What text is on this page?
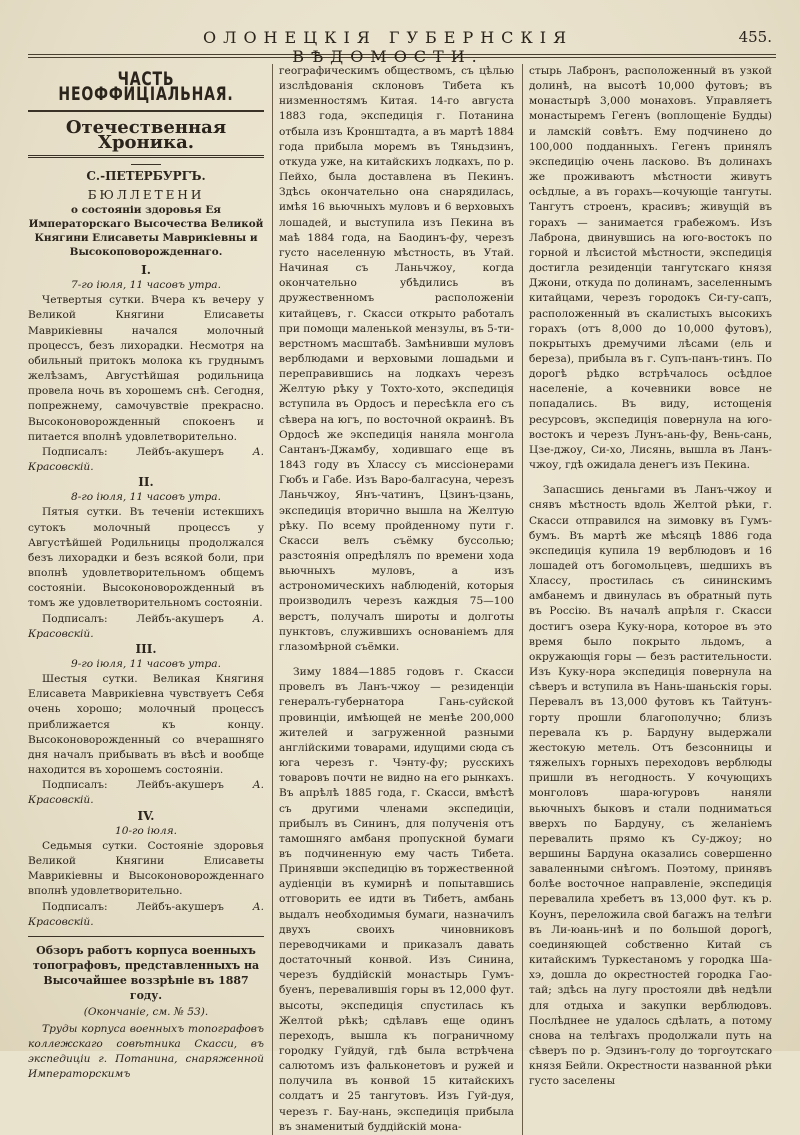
ОЛОНЕЦКІЯ ГУБЕРНСКІЯ ВѢДОМОСТИ.
455.
ЧАСТЬ НЕОФФИЦІАЛЬНАЯ.
Отечественная Хроника.
С.-ПЕТЕРБУРГЪ.
БЮЛЛЕТЕНИ
о состояніи здоровья Ея Императорскаго Высочества Великой Княгини Елисаветы Маврикіевны и Высокоповорожденнаго.
I.
7-го іюля, 11 часовъ утра.

Четвертыя сутки. Вчера къ вечеру у Великой Княгини Елисаветы Маврикіевны начался молочный процессъ, безъ лихорадки. Несмотря на обильный притокъ молока къ груднымъ желѣзамъ, Августѣйшая родильница провела ночь въ хорошемъ снѣ. Сегодня, попрежнему, самочувствіе прекрасно. Высоконоворожденный спокоенъ и питается вполнѣ удовлетворительно.

Подписалъ: Лейбъ-акушеръ	А. Красовскій.

II.
8-го іюля, 11 часовъ утра.

Пятыя сутки. Въ теченіи истекшихъ сутокъ молочный процессъ у Августѣйшей Родильницы продолжался безъ лихорадки и безъ всякой боли, при вполнѣ удовлетворительномъ общемъ состояніи. Высоконоворожденный въ томъ же удовлетворительномъ состояніи.

Подписалъ: Лейбъ-акушеръ	А. Красовскій.

III.
9-го іюля, 11 часовъ утра.

Шестыя сутки. Великая Княгиня Елисавета Маврикіевна чувствуетъ Себя очень хорошо; молочный процессъ приближается къ концу. Высоконоворожденный со вчерашняго дня началъ прибывать въ вѣсѣ и вообще находится въ хорошемъ состояніи.

Подписалъ: Лейбъ-акушеръ	А. Красовскій.

IV.
10-го іюля.

Седьмыя сутки. Состояніе здоровья Великой Княгини Елисаветы Маврикіевны и Высоконоворожденнаго вполнѣ удовлетворительно.

Подписалъ: Лейбъ-акушеръ	А. Красовскій.

Обзоръ работъ корпуса военныхъ топографовъ, представленныхъ на Высочайшее воззрѣніе въ 1887 году.
(Окончаніе, см. № 53).

Труды корпуса военныхъ топографовъ коллежскаго совѣтника Скасси, въ экспедиціи г. Потанина, снаряженной Императорскимъ

географическимъ обществомъ, съ цѣлью изслѣдованія склоновъ Тибета къ низменностямъ Китая. 14-го августа 1883 года, экспедиція г. Потанина отбыла изъ Кронштадта, а въ мартѣ 1884 года прибыла моремъ въ Тяньдзинъ, откуда уже, на китайскихъ лодкахъ, по р. Пейхо, была доставлена въ Пекинъ. Здѣсь окончательно она снарядилась, имѣя 16 вьючныхъ муловъ и 6 верховыхъ лошадей, и выступила изъ Пекина въ маѣ 1884 года, на Баодинъ-фу, черезъ густо населенную мѣстность, въ Утай. Начиная съ Ланьчжоу, когда окончательно убѣдились въ дружественномъ расположеніи китайцевъ, г. Скасси открыто работалъ при помощи маленькой мензулы, въ 5-ти-верстномъ масштабѣ. Замѣнивши муловъ верблюдами и верховыми лошадьми и переправившись на лодкахъ черезъ Желтую рѣку у Тохто-хото, экспедиція вступила въ Ордосъ и пересѣкла его съ сѣвера на югъ, по восточной окраинѣ. Въ Ордосѣ же экспедиція наняла монгола Сантанъ-Джамбу, ходившаго еще въ 1843 году въ Хлассу съ миссіонерами Гюбъ и Габе. Изъ Варо-балгасуна, черезъ Ланьчжоу, Янъ-чатинъ, Цзинъ-цзань, экспедиція вторично вышла на Желтую рѣку. По всему пройденному пути г. Скасси велъ съёмку буссолью; разстоянія опредѣлялъ по времени хода вьючныхъ муловъ, а изъ астрономическихъ наблюденій, которыя производилъ черезъ каждыя 75—100 верстъ, получалъ широты и долготы пунктовъ, служившихъ основаніемъ для глазомѣрной съёмки.

Зиму 1884—1885 годовъ г. Скасси провелъ въ Ланъ-чжоу — резиденціи генералъ-губернатора Гань-суйской провинціи, имѣющей не менѣе 200,000 жителей и загруженной разными англійскими товарами, идущими сюда съ юга черезъ г. Чэнту-фу; русскихъ товаровъ почти не видно на его рынкахъ. Въ апрѣлѣ 1885 года, г. Скасси, вмѣстѣ съ другими членами экспедиціи, прибылъ въ Сининъ, для полученія отъ тамошняго амбаня пропускной бумаги въ подчиненную ему часть Тибета. Принявши экспедицію въ торжественной аудіенціи въ кумирнѣ и попытавшись отговорить ее идти въ Тибетъ, амбань выдалъ необходимыя бумаги, назначилъ двухъ своихъ чиновниковъ переводчиками и приказалъ давать достаточный конвой. Изъ Синина, черезъ буддійскій монастырь Гумъ-буенъ, перевалившія горы въ 12,000 фут. высоты, экспедиція спустилась къ Желтой рѣкѣ; сдѣлавъ еще одинъ переходъ, вышла къ пограничному городку Гуйдуй, гдѣ была встрѣчена салютомъ изъ фальконетовъ и ружей и получила въ конвой 15 китайскихъ солдатъ и 25 тангутовъ. Изъ Гуй-дуя, черезъ г. Бау-нань, экспедиція прибыла въ знаменитый буддійскій мона-

стырь Лабронъ, расположенный въ узкой долинѣ, на высотѣ 10,000 футовъ; въ монастырѣ 3,000 монаховъ. Управляетъ монастыремъ Гегенъ (воплощеніе Будды) и ламскій совѣтъ. Ему подчинено до 100,000 подданныхъ. Гегенъ принялъ экспедицію очень ласково. Въ долинахъ же проживаютъ мѣстности живутъ осѣдлые, а въ горахъ—кочующіе тангуты. Тангутъ строенъ, красивъ; живущій въ горахъ — занимается грабежомъ. Изъ Лаброна, двинувшись на юго-востокъ по горной и лѣсистой мѣстности, экспедиція достигла резиденціи тангутскаго князя Джони, откуда по долинамъ, заселеннымъ китайцами, черезъ городокъ Си-гу-сапъ, расположенный въ скалистыхъ высокихъ горахъ (отъ 8,000 до 10,000 футовъ), покрытыхъ дремучими лѣсами (ель и береза), прибыла въ г. Супъ-панъ-тинъ. По дорогѣ рѣдко встрѣчалось осѣдлое населеніе, а кочевники вовсе не попадались. Въ виду, истощенія ресурсовъ, экспедиція повернула на юго-востокъ и черезъ Лунъ-ань-фу, Вень-сань, Цзе-джоу, Си-хо, Лисянь, вышла въ Ланъ-чжоу, гдѣ ожидала денегъ изъ Пекина.

Запасшись деньгами въ Ланъ-чжоу и снявъ мѣстность вдоль Желтой рѣки, г. Скасси отправился на зимовку въ Гумъ-бумъ. Въ мартѣ же мѣсяцѣ 1886 года экспедиція купила 19 верблюдовъ и 16 лошадей отъ богомольцевъ, шедшихъ въ Хлассу, простилась съ сининскимъ амбанемъ и двинулась въ обратный путь въ Россію. Въ началѣ апрѣля г. Скасси достигъ озера Куку-нора, которое въ это время было покрыто льдомъ, а окружающія горы — безъ растительности. Изъ Куку-нора экспедиція повернула на сѣверъ и вступила въ Нань-шаньскія горы. Перевалъ въ 13,000 футовъ къ Тайтунъ-горту прошли благополучно; близъ перевала къ р. Бардуну выдержали жестокую метель. Отъ безсонницы и тяжелыхъ горныхъ переходовъ верблюды пришли въ негодность. У кочующихъ монголовъ шара-югуровъ наняли вьючныхъ быковъ и стали подниматься вверхъ по Бардуну, съ желаніемъ перевалить прямо къ Су-джоу; но вершины Бардуна оказались совершенно заваленными снѣгомъ. Поэтому, принявъ болѣе восточное направленіе, экспедиція перевалила хребетъ въ 13,000 фут. къ р. Коунъ, переложила свой багажъ на телѣги въ Ли-юань-инѣ и по большой дорогѣ, соединяющей собственно Китай съ китайскимъ Туркестаномъ у городка Ша-хэ, дошла до окрестностей городка Гао-тай; здѣсь на лугу простояли двѣ недѣли для отдыха и закупки верблюдовъ. Послѣднее не удалось сдѣлать, а потому снова на телѣгахъ продолжали путь на сѣверъ по р. Эдзинъ-голу до торгоутскаго князя Бейли. Окрестности названной рѣки густо заселены
